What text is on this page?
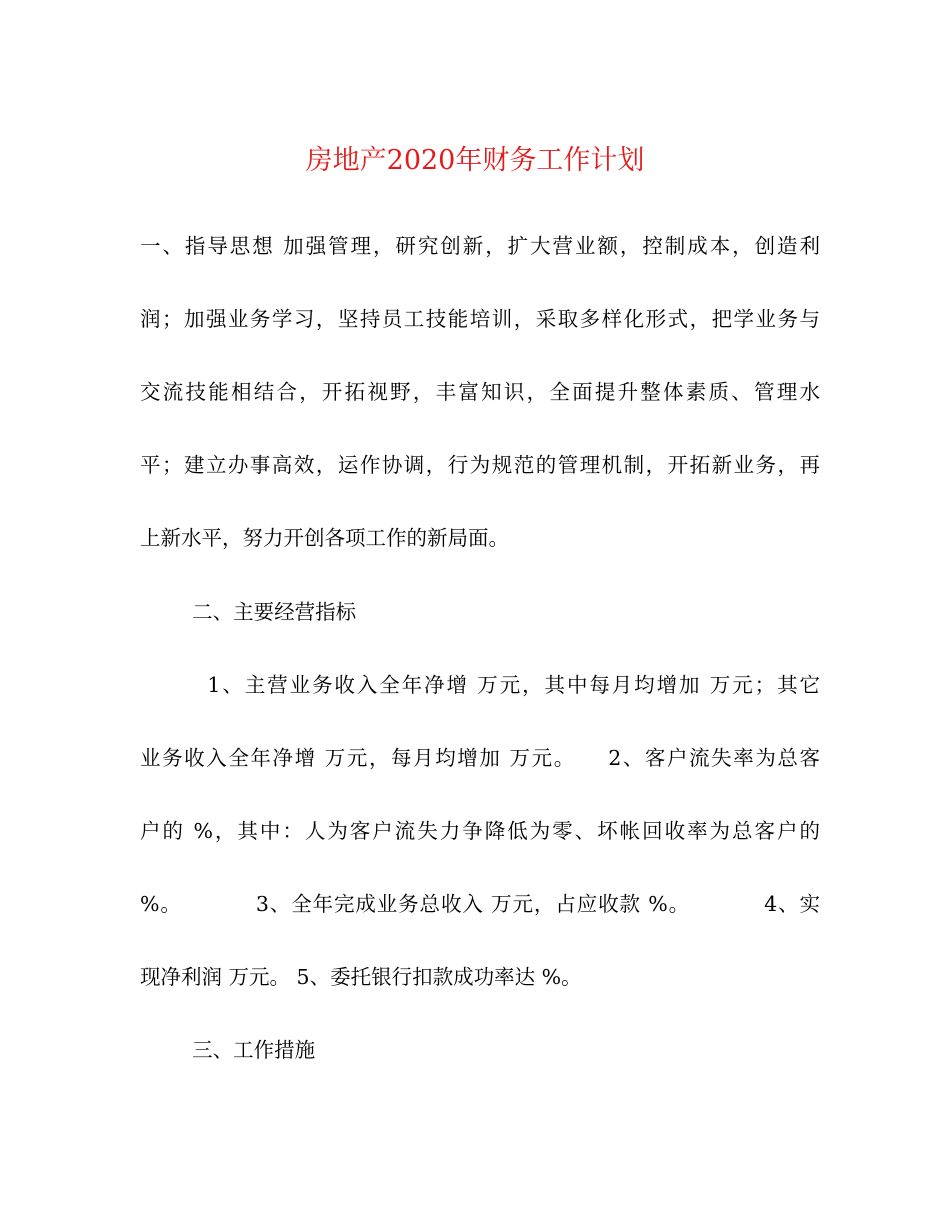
房地产2020年财务工作计划
一、指导思想 加强管理，研究创新，扩大营业额，控制成本，创造利
润；加强业务学习，坚持员工技能培训，采取多样化形式，把学业务与
交流技能相结合，开拓视野，丰富知识，全面提升整体素质、管理水
平；建立办事高效，运作协调，行为规范的管理机制，开拓新业务，再
上新水平，努力开创各项工作的新局面。
二、主要经营指标
1、主营业务收入全年净增 万元，其中每月均增加 万元；其它
业务收入全年净增 万元，每月均增加 万元。    2、客户流失率为总客
户的 %，其中：人为客户流失力争降低为零、坏帐回收率为总客户的
%。          3、全年完成业务总收入 万元，占应收款 %。          4、实
现净利润 万元。 5、委托银行扣款成功率达 %。
三、工作措施
